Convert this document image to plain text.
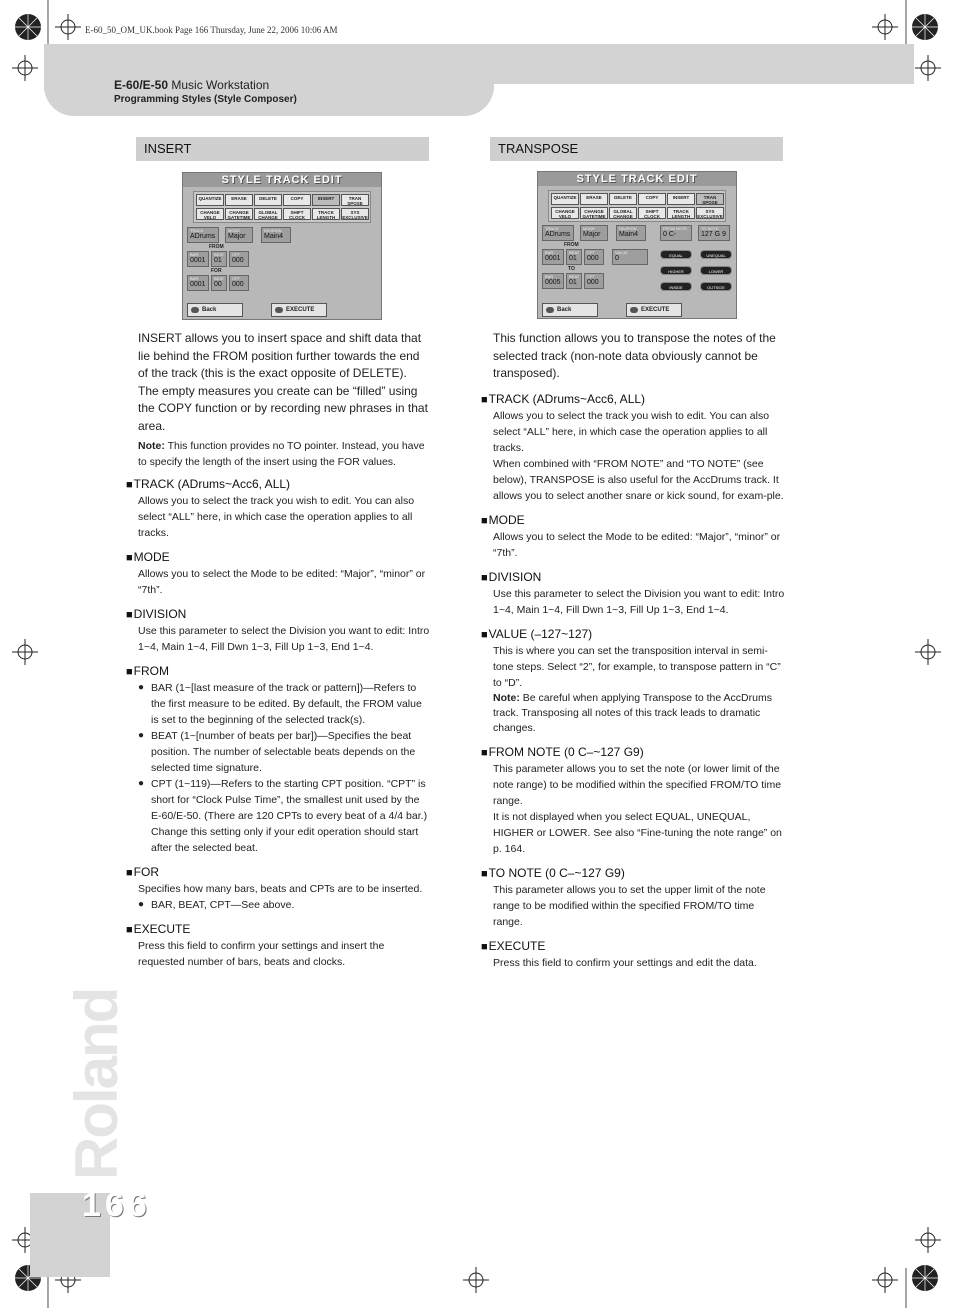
E-60_50_OM_UK.book Page 166 Thursday, June 22, 2006 10:06 AM
E-60/E-50 Music Workstation
Programming Styles (Style Composer)
INSERT
STYLE TRACK EDIT
QUANTIZE	ERASE	DELETE	COPY	INSERT	TRAN SPOSE
CHANGE VELO
CHANGE GATETIME
GLOBAL CHANGE
SHIFT CLOCK
TRACK LENGTH
SYS EXCLUSIVE
TRACK
ADrums
MODE
Major
DIVISION
Main4
FROM
BAR
0001
BEAT
01
CPT
000
FOR
BAR
0001
BEAT
00
CPT
000
Back	EXECUTE

INSERT allows you to insert space and shift data that lie behind the FROM position further towards the end of the track (this is the exact opposite of DELETE). The empty measures you create can be “filled” using the COPY function or by recording new phrases in that area.

Note: This function provides no TO pointer. Instead, you have to specify the length of the insert using the FOR values.

■ TRACK (ADrums~Acc6, ALL)

Allows you to select the track you wish to edit. You can also select “ALL” here, in which case the operation applies to all tracks.

■ MODE

Allows you to select the Mode to be edited: “Major”, “minor” or “7th”.

■ DIVISION

Use this parameter to select the Division you want to edit: Intro 1~4, Main 1~4, Fill Dwn 1~3, Fill Up 1~3, End 1~4.

■ FROM
● BAR (1~[last measure of the track or pattern])—Refers to the first measure to be edited. By default, the FROM value is set to the beginning of the selected track(s).
● BEAT (1~[number of beats per bar])—Specifies the beat position. The number of selectable beats depends on the selected time signature.
● CPT (1~119)—Refers to the starting CPT position. “CPT” is short for “Clock Pulse Time”, the smallest unit used by the E-60/E-50. (There are 120 CPTs to every beat of a 4/4 bar.) Change this setting only if your edit operation should start after the selected beat.
■ FOR

Specifies how many bars, beats and CPTs are to be inserted.

● BAR, BEAT, CPT—See above.
■ EXECUTE

Press this field to confirm your settings and insert the requested number of bars, beats and clocks.

TRANSPOSE
STYLE TRACK EDIT
QUANTIZE	ERASE	DELETE	COPY	INSERT	TRAN SPOSE
CHANGE VELO
CHANGE GATETIME
GLOBAL CHANGE
SHIFT CLOCK
TRACK LENGTH
SYS EXCLUSIVE
TRACK
ADrums
MODE
Major
DIVISION
Main4
FROM NOTE
0 C-
TO NOTE
127 G 9
FROM
BAR
0001
BEAT
01
CPT
000
VALUE
0
TO
BAR
0005
BEAT
01
CPT
000
EQUAL	UNEQUAL
HIGHER	LOWER
INSIDE	OUTSIDE
Back	EXECUTE

This function allows you to transpose the notes of the selected track (non-note data obviously cannot be transposed).

■ TRACK (ADrums~Acc6, ALL)

Allows you to select the track you wish to edit. You can also select “ALL” here, in which case the operation applies to all tracks.

When combined with “FROM NOTE” and “TO NOTE” (see below), TRANSPOSE is also useful for the AccDrums track. It allows you to select another snare or kick sound, for exam-ple.

■ MODE

Allows you to select the Mode to be edited: “Major”, “minor” or “7th”.

■ DIVISION

Use this parameter to select the Division you want to edit: Intro 1~4, Main 1~4, Fill Dwn 1~3, Fill Up 1~3, End 1~4.

■ VALUE (–127~127)

This is where you can set the transposition interval in semi-tone steps. Select “2”, for example, to transpose pattern in “C” to “D”.

Note: Be careful when applying Transpose to the AccDrums track. Transposing all notes of this track leads to dramatic changes.

■ FROM NOTE (0 C–~127 G9)

This parameter allows you to set the note (or lower limit of the note range) to be modified within the specified FROM/TO time range.

It is not displayed when you select EQUAL, UNEQUAL, HIGHER or LOWER. See also “Fine-tuning the note range” on p. 164.

■ TO NOTE (0 C–~127 G9)

This parameter allows you to set the upper limit of the note range to be modified within the specified FROM/TO time range.

■ EXECUTE

Press this field to confirm your settings and edit the data.

Roland
166
